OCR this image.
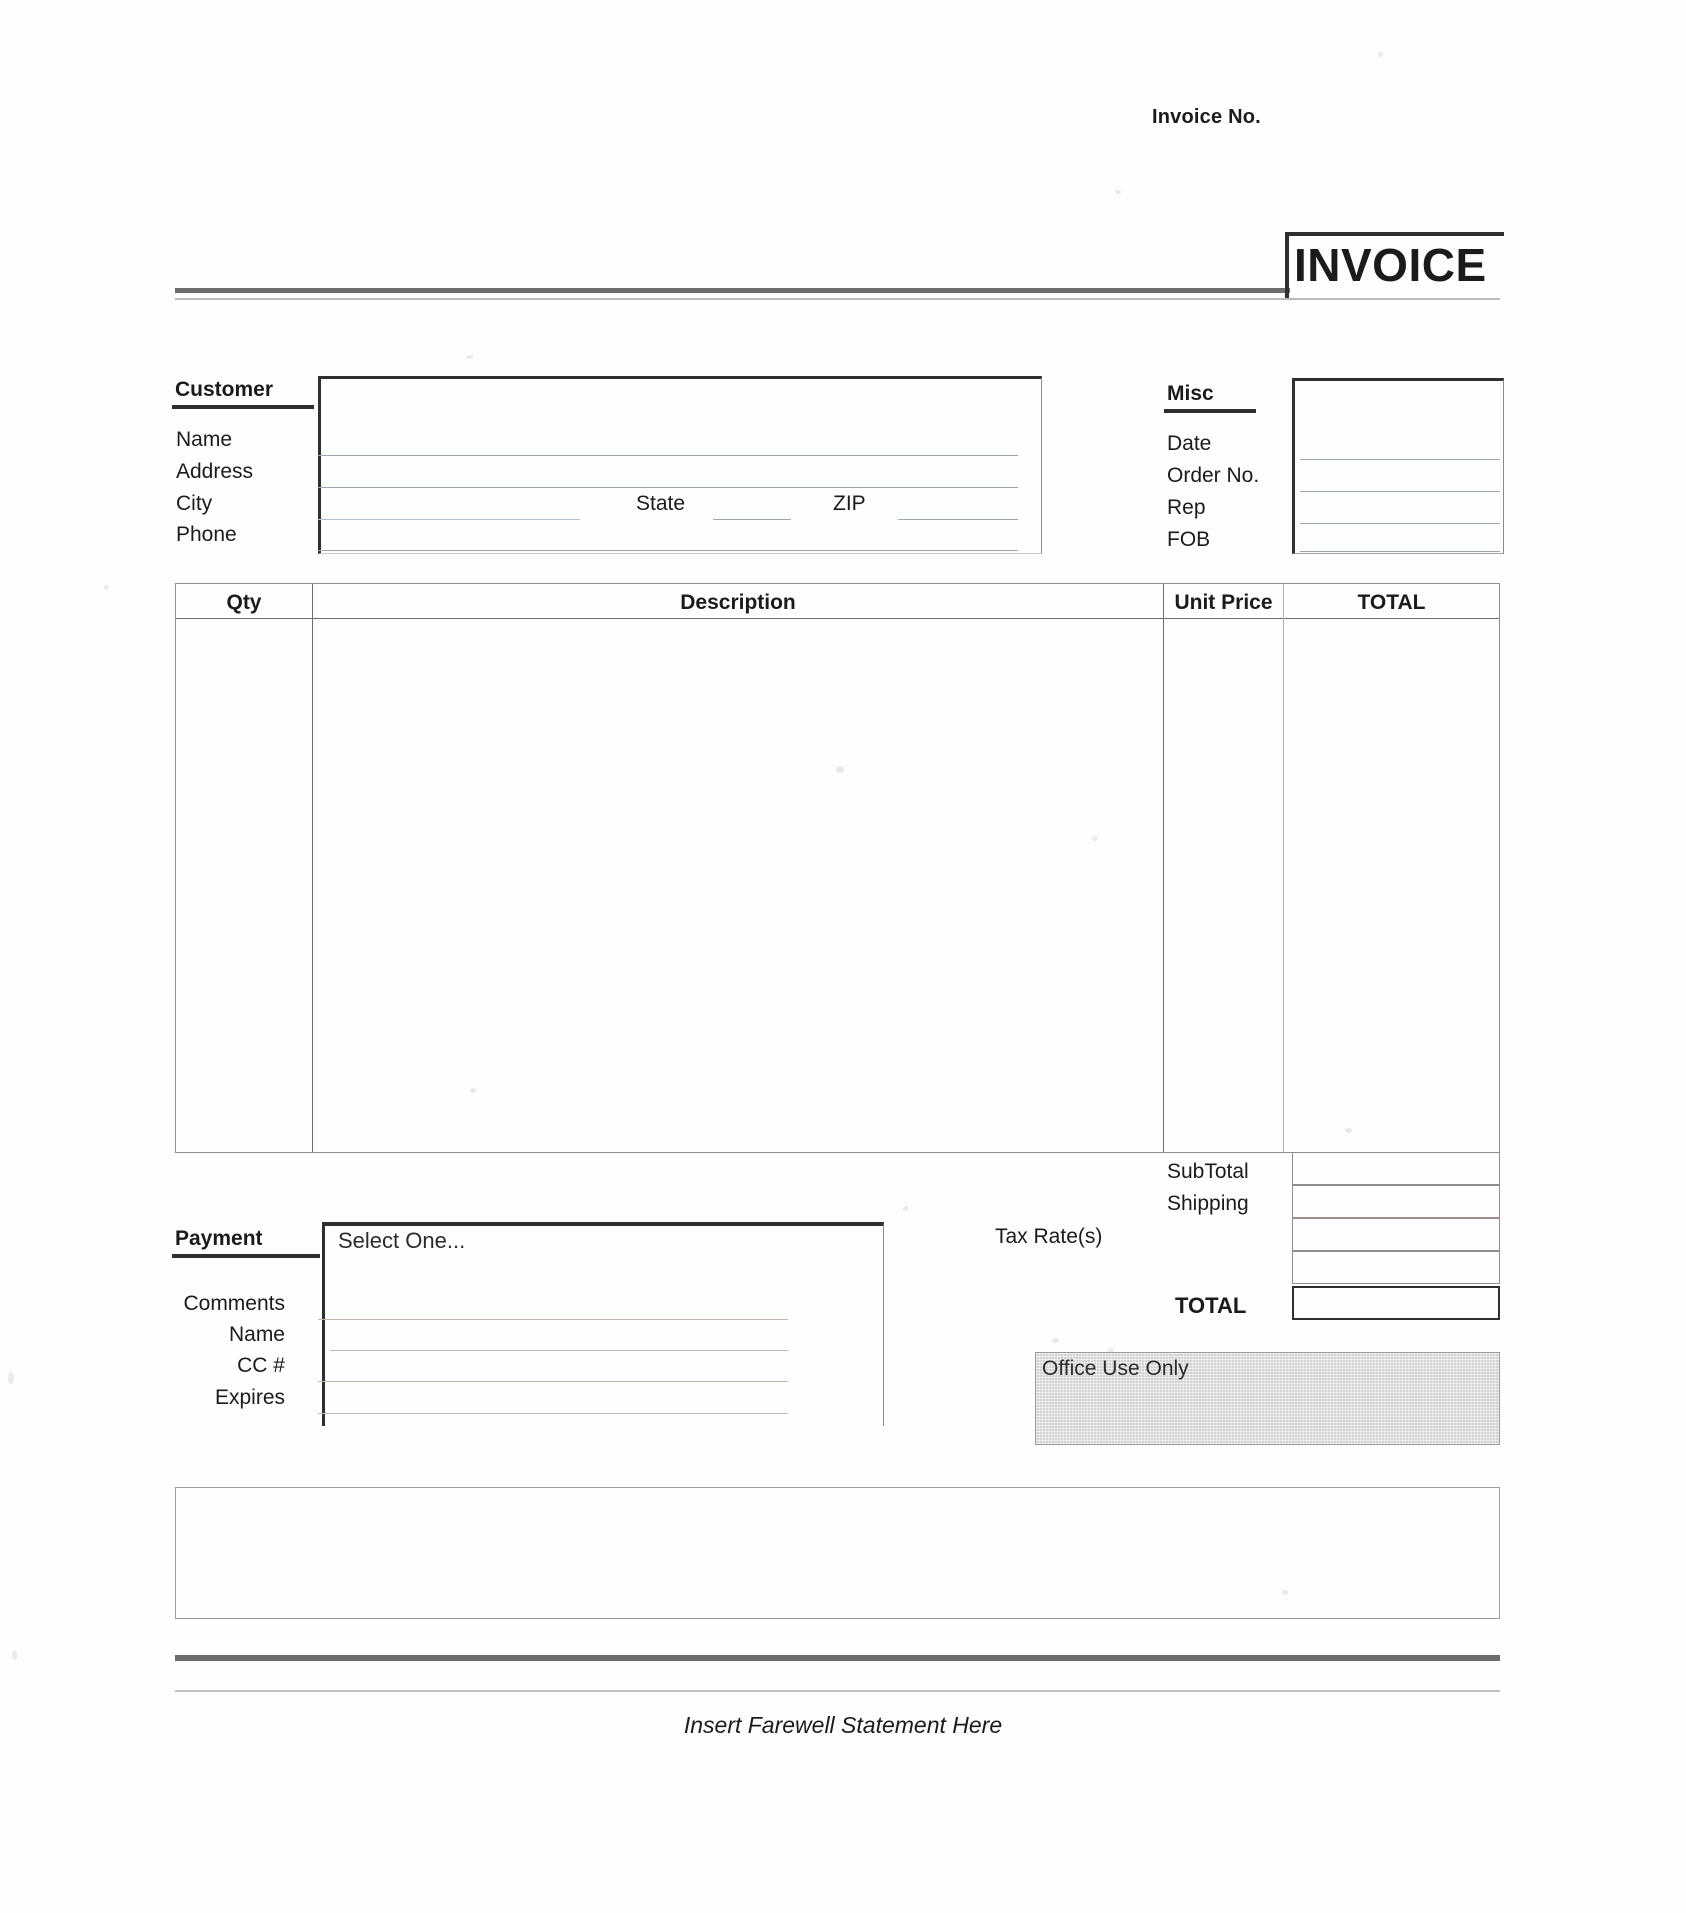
Invoice No.
INVOICE
Customer
Name
Address
City	State	ZIP
Phone
Misc
Date
Order No.
Rep
FOB
Qty	Description	Unit Price	TOTAL
SubTotal
Shipping
Tax Rate(s)
TOTAL
Payment	Select One...
Comments
Name
CC #
Expires
Office Use Only
Insert Farewell Statement Here
